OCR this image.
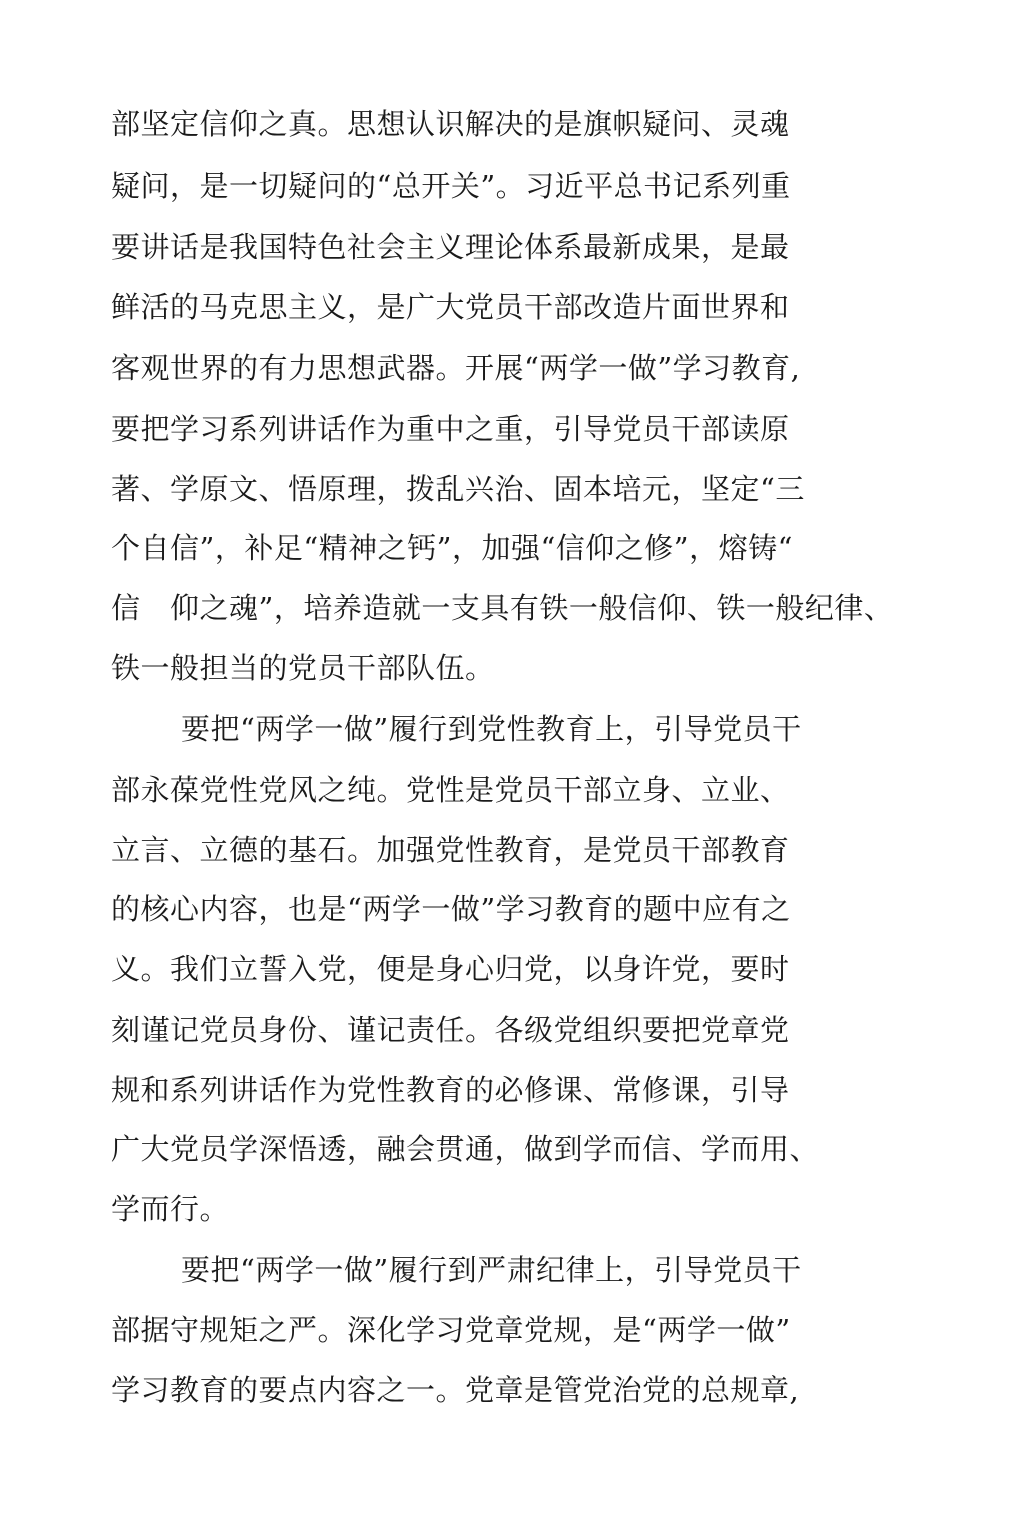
部坚定信仰之真。思想认识解决的是旗帜疑问、灵魂
疑问，是一切疑问的“总开关”。习近平总书记系列重
要讲话是我国特色社会主义理论体系最新成果，是最
鲜活的马克思主义，是广大党员干部改造片面世界和
客观世界的有力思想武器。开展“两学一做”学习教育,
要把学习系列讲话作为重中之重，引导党员干部读原
著、学原文、悟原理，拨乱兴治、固本培元，坚定“三
个自信”，补足“精神之钙”，加强“信仰之修”，熔铸“
信　仰之魂”，培养造就一支具有铁一般信仰、铁一般纪律、
铁一般担当的党员干部队伍。
要把“两学一做”履行到党性教育上，引导党员干
部永葆党性党风之纯。党性是党员干部立身、立业、
立言、立德的基石。加强党性教育，是党员干部教育
的核心内容，也是“两学一做”学习教育的题中应有之
义。我们立誓入党，便是身心归党，以身许党，要时
刻谨记党员身份、谨记责任。各级党组织要把党章党
规和系列讲话作为党性教育的必修课、常修课，引导
广大党员学深悟透，融会贯通，做到学而信、学而用、
学而行。
要把“两学一做”履行到严肃纪律上，引导党员干
部据守规矩之严。深化学习党章党规，是“两学一做”
学习教育的要点内容之一。党章是管党治党的总规章,
